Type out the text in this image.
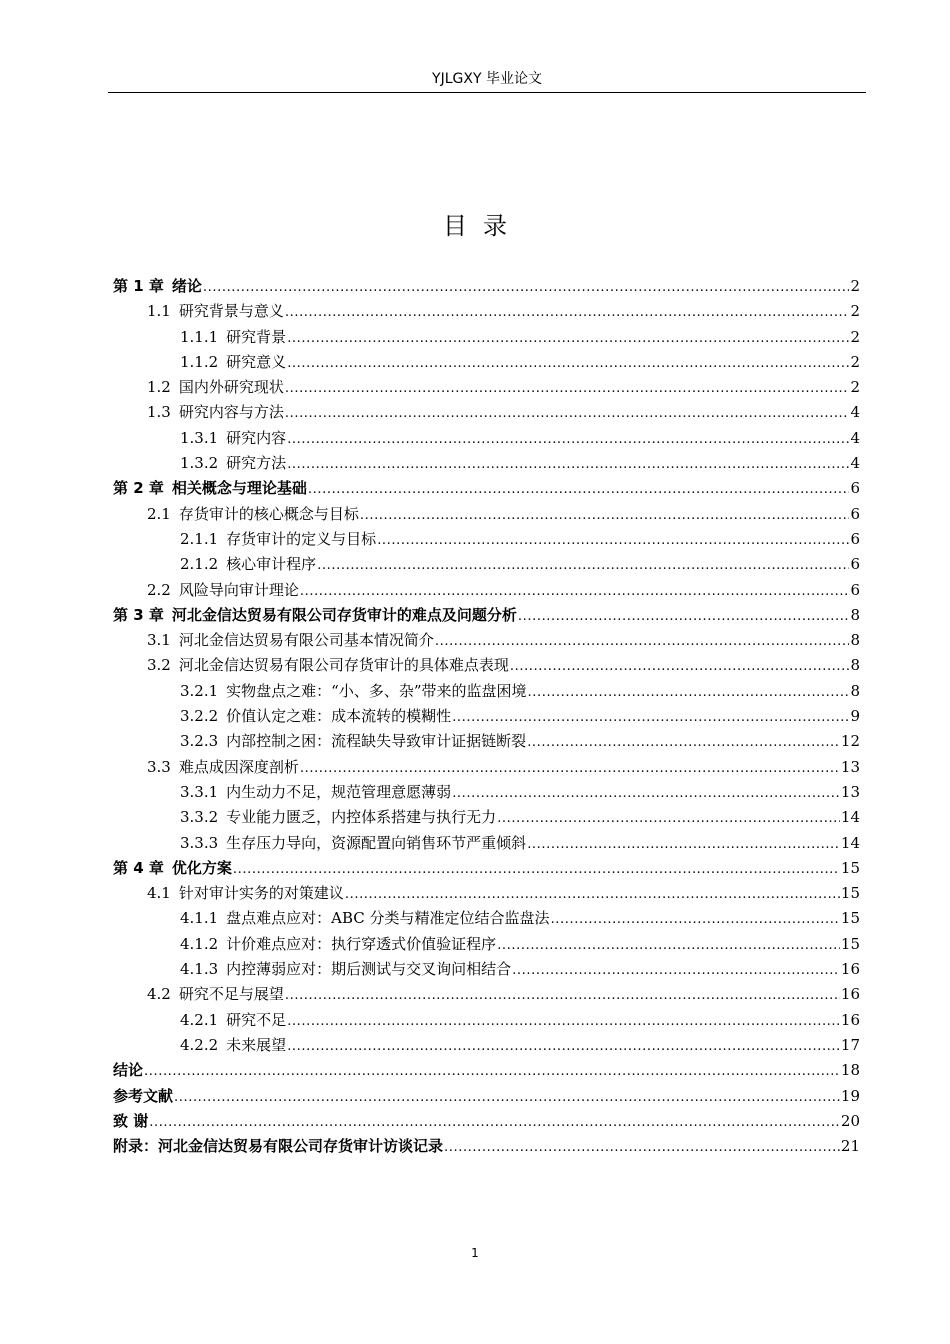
YJLGXY 毕业论文
目录
第 1 章 绪论 .....	2
1.1 研究背景与意义 .....	2
1.1.1 研究背景 .....	2
1.1.2 研究意义 .....	2
1.2 国内外研究现状 .....	2
1.3 研究内容与方法 .....	4
1.3.1 研究内容 .....	4
1.3.2 研究方法 .....	4
第 2 章 相关概念与理论基础 .....	6
2.1 存货审计的核心概念与目标 .....	6
2.1.1 存货审计的定义与目标 .....	6
2.1.2 核心审计程序 .....	6
2.2 风险导向审计理论 .....	6
第 3 章 河北金信达贸易有限公司存货审计的难点及问题分析 .....	8
3.1 河北金信达贸易有限公司基本情况简介 .....	8
3.2 河北金信达贸易有限公司存货审计的具体难点表现 .....	8
3.2.1 实物盘点之难：“小、多、杂”带来的监盘困境 .....	8
3.2.2 价值认定之难：成本流转的模糊性 .....	9
3.2.3 内部控制之困：流程缺失导致审计证据链断裂 .....	12
3.3 难点成因深度剖析 .....	13
3.3.1 内生动力不足，规范管理意愿薄弱 .....	13
3.3.2 专业能力匮乏，内控体系搭建与执行无力 .....	14
3.3.3 生存压力导向，资源配置向销售环节严重倾斜 .....	14
第 4 章 优化方案 .....	15
4.1 针对审计实务的对策建议 .....	15
4.1.1 盘点难点应对：ABC 分类与精准定位结合监盘法 .....	15
4.1.2 计价难点应对：执行穿透式价值验证程序 .....	15
4.1.3 内控薄弱应对：期后测试与交叉询问相结合 .....	16
4.2 研究不足与展望 .....	16
4.2.1 研究不足 .....	16
4.2.2 未来展望 .....	17
结论 .....	18
参考文献 .....	19
致 谢 .....	20
附录：河北金信达贸易有限公司存货审计访谈记录 .....	21
1
